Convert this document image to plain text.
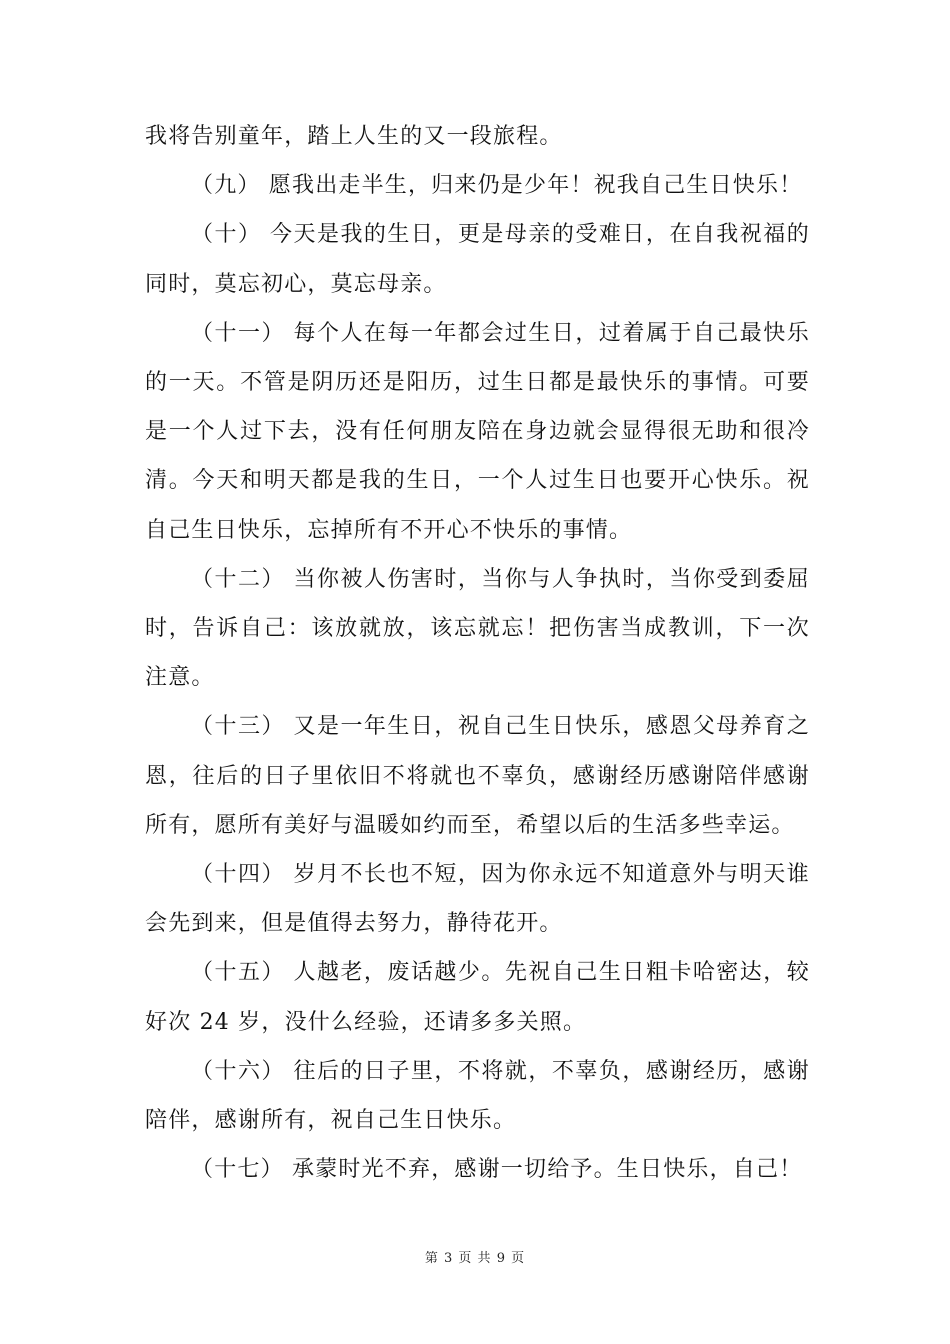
我将告别童年，踏上人生的又一段旅程。

（九） 愿我出走半生，归来仍是少年！祝我自己生日快乐！

（十） 今天是我的生日，更是母亲的受难日，在自我祝福的同时，莫忘初心，莫忘母亲。

（十一） 每个人在每一年都会过生日，过着属于自己最快乐的一天。不管是阴历还是阳历，过生日都是最快乐的事情。可要是一个人过下去，没有任何朋友陪在身边就会显得很无助和很冷清。今天和明天都是我的生日，一个人过生日也要开心快乐。祝自己生日快乐，忘掉所有不开心不快乐的事情。

（十二） 当你被人伤害时，当你与人争执时，当你受到委屈时，告诉自己：该放就放，该忘就忘！把伤害当成教训，下一次注意。

（十三） 又是一年生日，祝自己生日快乐，感恩父母养育之恩，往后的日子里依旧不将就也不辜负，感谢经历感谢陪伴感谢所有，愿所有美好与温暖如约而至，希望以后的生活多些幸运。

（十四） 岁月不长也不短，因为你永远不知道意外与明天谁会先到来，但是值得去努力，静待花开。

（十五） 人越老，废话越少。先祝自己生日粗卡哈密达，较好次 24 岁，没什么经验，还请多多关照。

（十六） 往后的日子里，不将就，不辜负，感谢经历，感谢陪伴，感谢所有，祝自己生日快乐。

（十七） 承蒙时光不弃，感谢一切给予。生日快乐，自己！

第 3 页 共 9 页
